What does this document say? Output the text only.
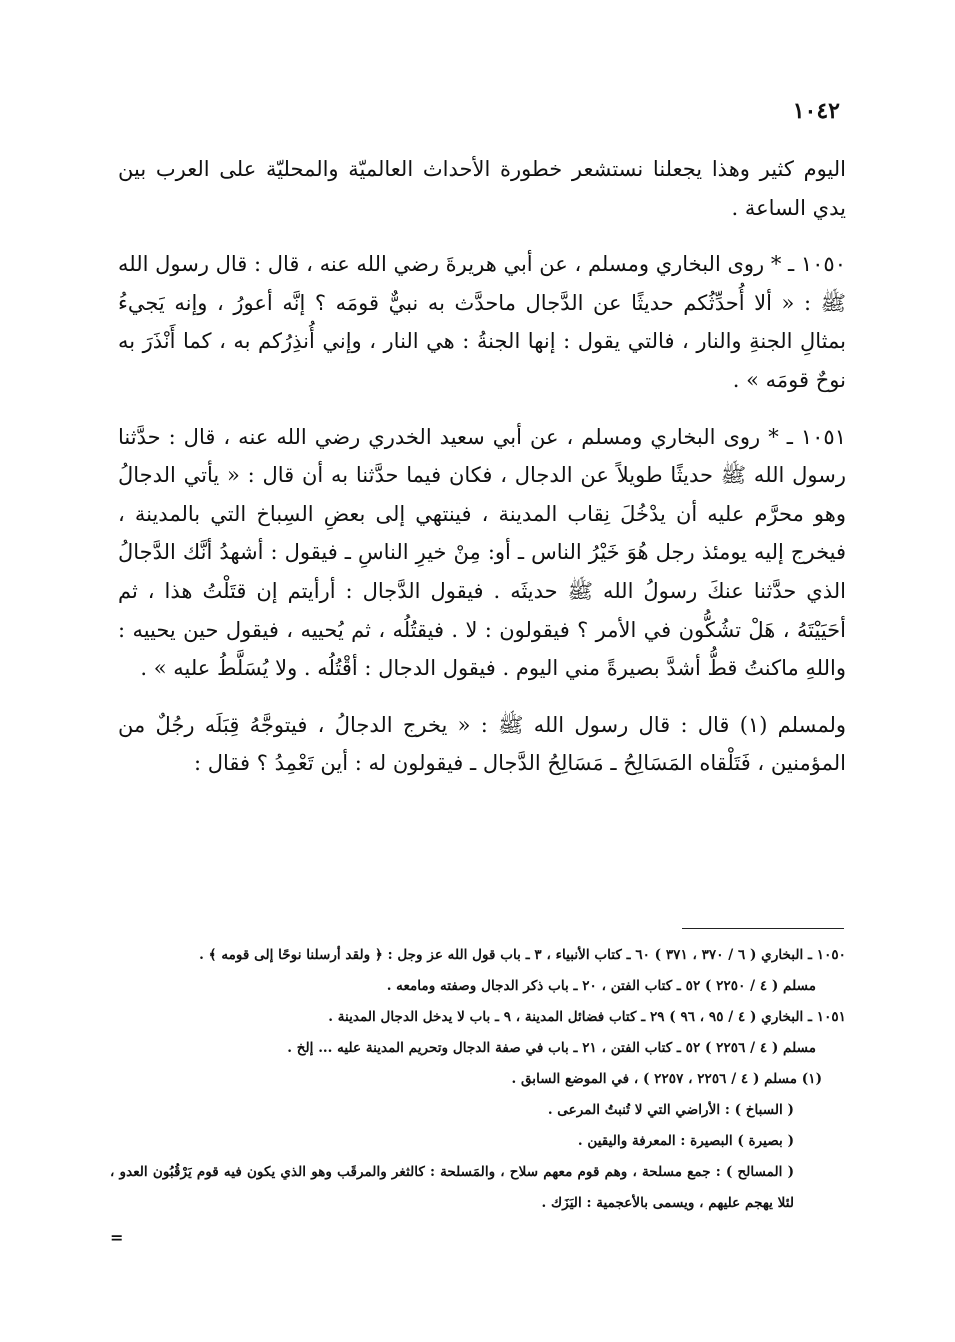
١٠٤٢

اليوم كثير وهذا يجعلنا نستشعر خطورة الأحداث العالميّة والمحليّة على العرب بين يدي الساعة .

١٠٥٠ ـ * روى البخاري ومسلم ، عن أبي هريرةَ رضي الله عنه ، قال : قال رسول الله ﷺ : « ألا أُحدِّثُكم حديثًا عن الدَّجال ماحدَّث به نبيٌّ قومَه ؟ إنَّه أعورُ ، وإنه يَجيءُ بمثالِ الجنةِ والنار ، فالتي يقول : إنها الجنةُ : هي النار ، وإني أُنذِرُكم به ، كما أَنْذَرَ به نوحٌ قومَه » .

١٠٥١ ـ * روى البخاري ومسلم ، عن أبي سعيد الخدري رضي الله عنه ، قال : حدَّثنا رسول الله ﷺ حديثًا طويلاً عن الدجال ، فكان فيما حدَّثنا به أن قال : « يأتي الدجالُ وهو محرَّم عليه أن يدْخُلَ نِقاب المدينة ، فينتهي إلى بعضِ السِباخ التي بالمدينة ، فيخرج إليه يومئذ رجل هُوَ خَيْرُ الناس ـ أو: مِنْ خيرِ الناسِ ـ فيقول : أشهدُ أنَّك الدَّجالُ الذي حدَّثنا عنكَ رسولُ الله ﷺ حديثَه . فيقول الدَّجال : أرأيتم إن قتَلْتُ هذا ، ثم أحَيَيْتَهُ ، هَلْ تشُكُّون في الأمر ؟ فيقولون : لا . فيقتُلُه ، ثم يُحييه ، فيقول حين يحييه : واللهِ ماكنتُ قطُّ أشدَّ بصيرةً مني اليوم . فيقول الدجال : أقْتُلُه . ولا يُسَلَّطُ عليه » .

ولمسلم (١) قال : قال رسول الله ﷺ : « يخرج الدجالُ ، فيتوجَّهُ قِبَلَه رجُلٌ من المؤمنين ، فَتَلْقاه المَسَالِحُ ـ مَسَالِحُ الدَّجال ـ فيقولون له : أين تَعْمِدُ ؟ فقال :

١٠٥٠ ـ البخاري ( ٦ / ٣٧٠ ، ٣٧١ ) ٦٠ ـ كتاب الأنبياء ، ٣ ـ باب قول الله عز وجل : ﴿ ولقد أرسلنا نوحًا إلى قومه ﴾ .

مسلم ( ٤ / ٢٢٥٠ ) ٥٢ ـ كتاب الفتن ، ٢٠ ـ باب ذكر الدجال وصفته ومامعه .

١٠٥١ ـ البخاري ( ٤ / ٩٥ ، ٩٦ ) ٢٩ ـ كتاب فضائل المدينة ، ٩ ـ باب لا يدخل الدجال المدينة .

مسلم ( ٤ / ٢٢٥٦ ) ٥٢ ـ كتاب الفتن ، ٢١ ـ باب في صفة الدجال وتحريم المدينة عليه ... إلخ .

(١) مسلم ( ٤ / ٢٢٥٦ ، ٢٢٥٧ ) ، في الموضع السابق .

( السباخ ) : الأراضي التي لا تُنبتُ المرعى .

( بصيرة ) البصيرة : المعرفة واليقين .

( المسالح ) : جمع مسلحة ، وهم قوم معهم سلاح ، والمَسلحة : كالثغر والمرقَب وهو الذي يكون فيه قوم يَرْقُبُون العدو ، لئلا يهجم عليهم ، ويسمى بالأعجمية : اليَزَك .

=
